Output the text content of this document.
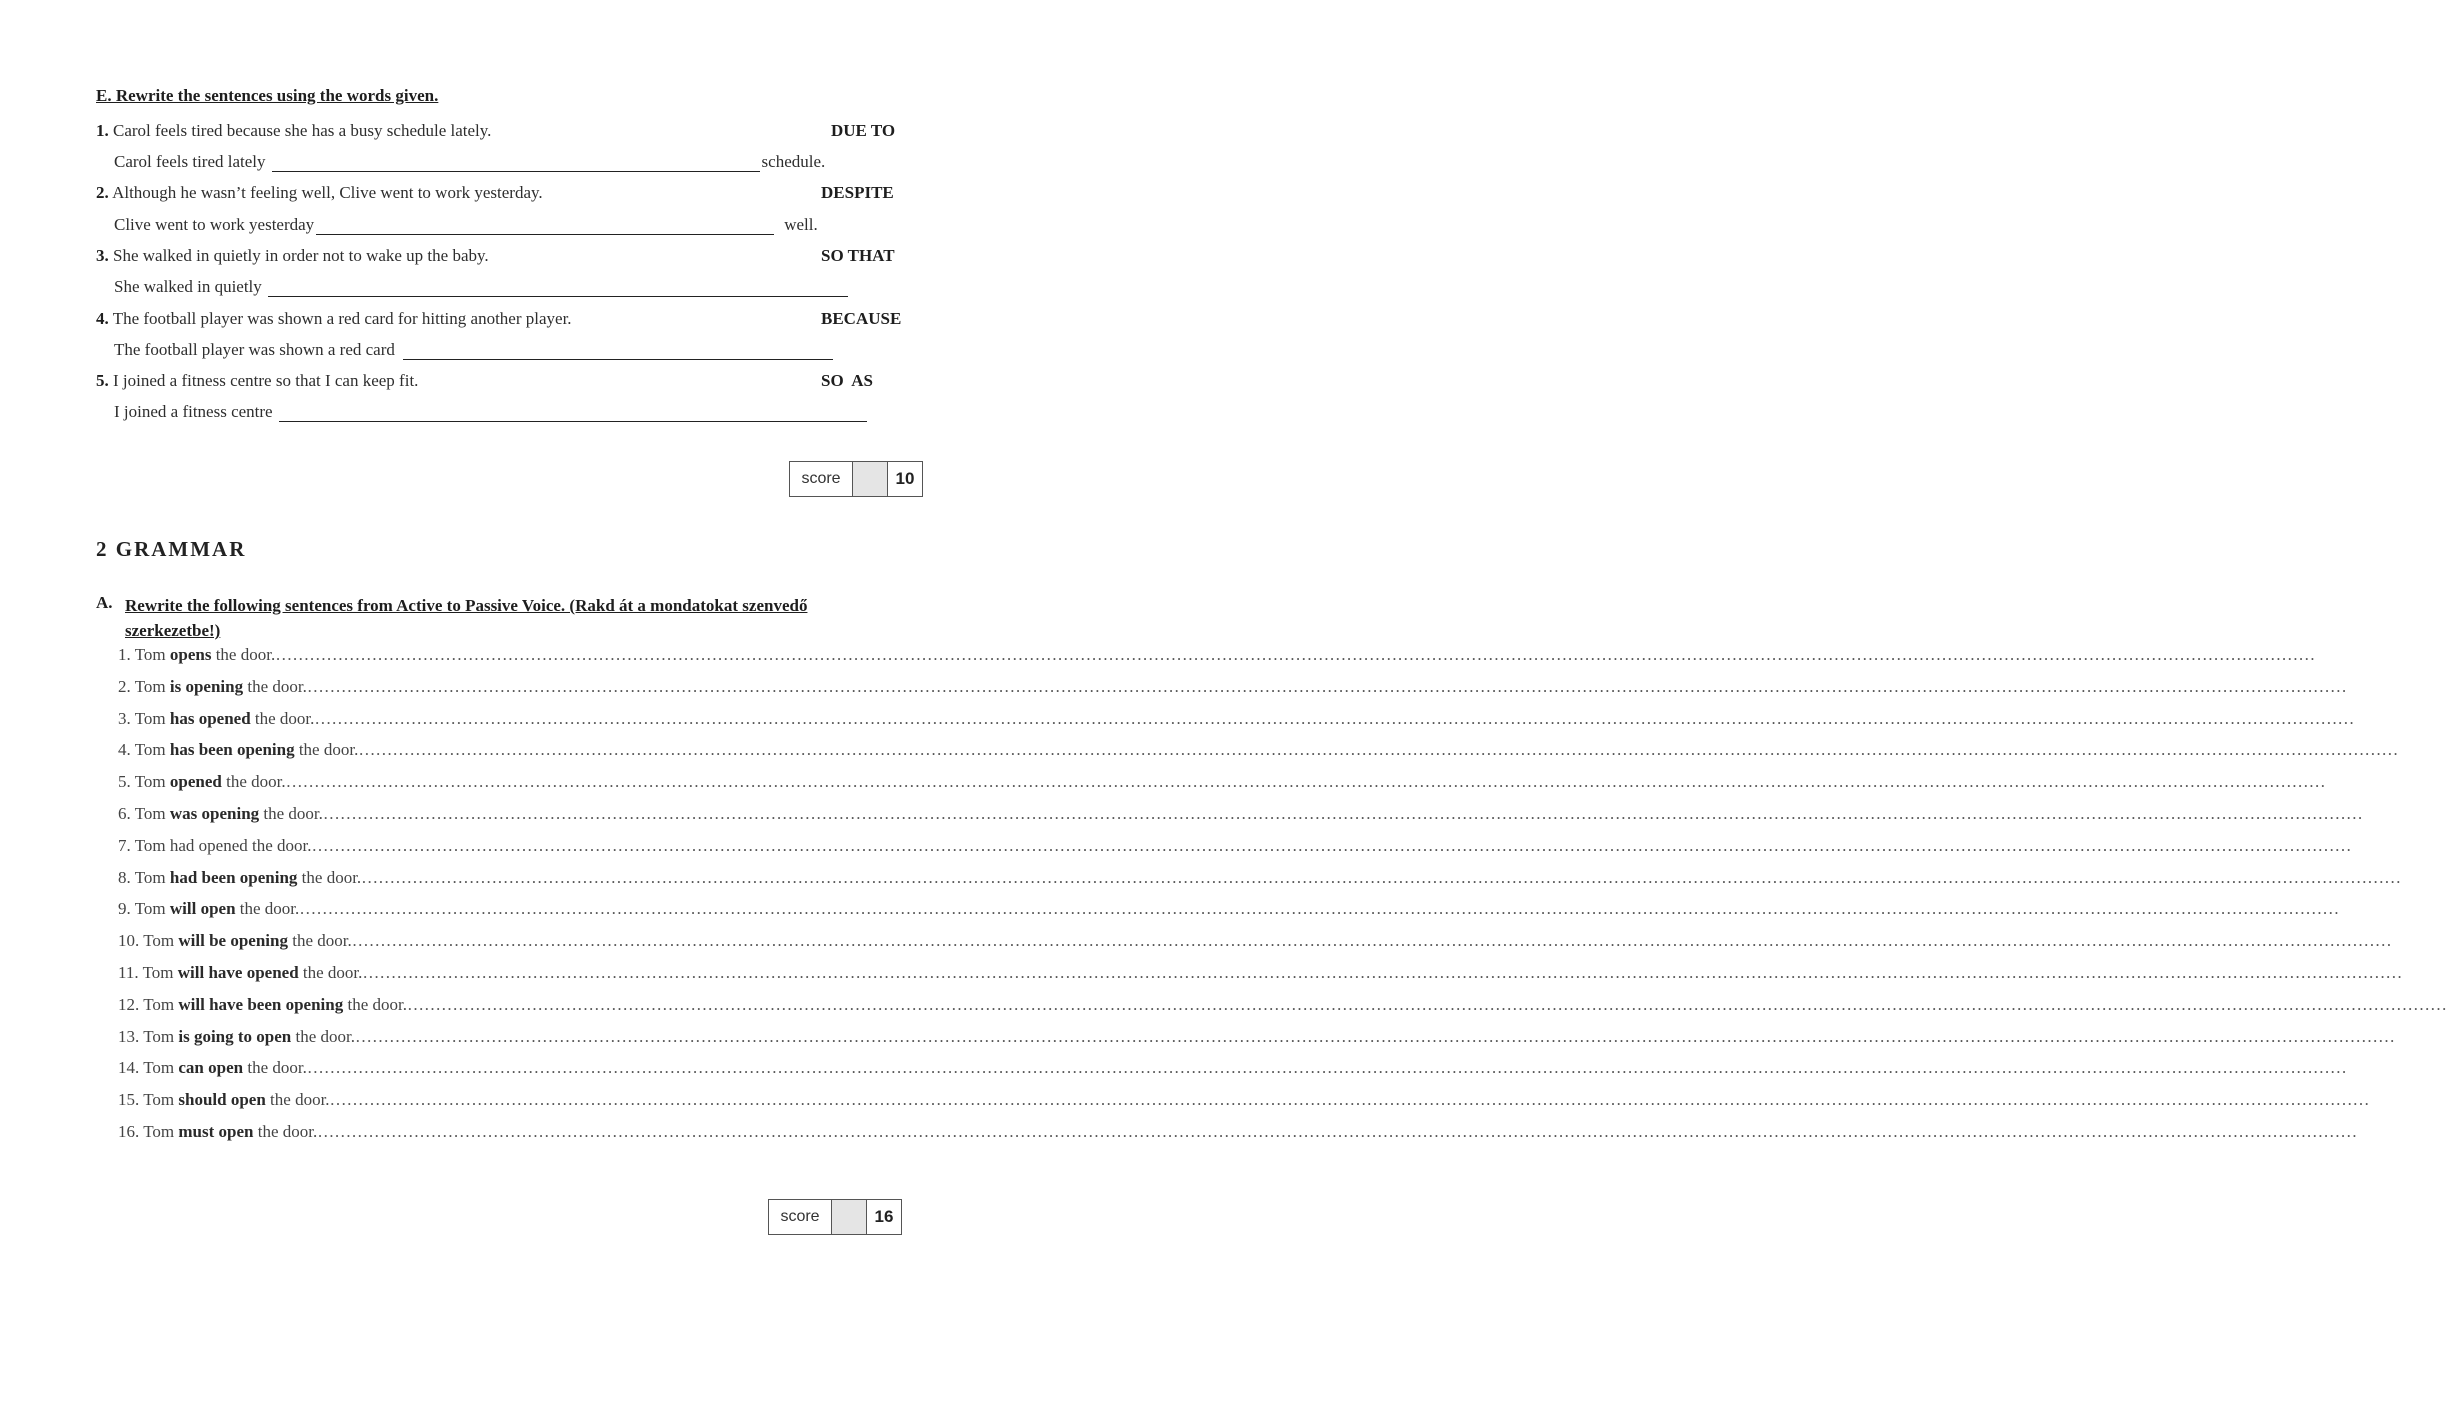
E. Rewrite the sentences using the words given.
1. Carol feels tired because she has a busy schedule lately.	DUE TO
Carol feels tired lately	schedule.
2. Although he wasn’t feeling well, Clive went to work yesterday.	DESPITE
Clive went to work yesterday	well.
3. She walked in quietly in order not to wake up the baby.	SO THAT
She walked in quietly
4. The football player was shown a red card for hitting another player.	BECAUSE
The football player was shown a red card
5. I joined a fitness centre so that I can keep fit.	SO  AS
I joined a fitness centre
score	10
2 GRAMMAR
A. Rewrite the following sentences from Active to Passive Voice. (Rakd át a mondatokat szenvedő szerkezetbe!)
1. Tom opens the door. ………………………………………………………………………………………………………………………………………………………………………………………………………………………………………………………………………………………………………………………………
2. Tom is opening the door. ………………………………………………………………………………………………………………………………………………………………………………………………………………………………………………………………………………………………………………………………
3. Tom has opened the door. ………………………………………………………………………………………………………………………………………………………………………………………………………………………………………………………………………………………………………………………………
4. Tom has been opening the door. ………………………………………………………………………………………………………………………………………………………………………………………………………………………………………………………………………………………………………………………………
5. Tom opened the door. ………………………………………………………………………………………………………………………………………………………………………………………………………………………………………………………………………………………………………………………………
6. Tom was opening the door. ………………………………………………………………………………………………………………………………………………………………………………………………………………………………………………………………………………………………………………………………
7. Tom had opened the door. ………………………………………………………………………………………………………………………………………………………………………………………………………………………………………………………………………………………………………………………………
8. Tom had been opening the door. ………………………………………………………………………………………………………………………………………………………………………………………………………………………………………………………………………………………………………………………………
9. Tom will open the door. ………………………………………………………………………………………………………………………………………………………………………………………………………………………………………………………………………………………………………………………………
10. Tom will be opening the door. ………………………………………………………………………………………………………………………………………………………………………………………………………………………………………………………………………………………………………………………………
11. Tom will have opened the door. ………………………………………………………………………………………………………………………………………………………………………………………………………………………………………………………………………………………………………………………………
12. Tom will have been opening the door. ………………………………………………………………………………………………………………………………………………………………………………………………………………………………………………………………………………………………………………………………
13. Tom is going to open the door. ………………………………………………………………………………………………………………………………………………………………………………………………………………………………………………………………………………………………………………………………
14. Tom can open the door. ………………………………………………………………………………………………………………………………………………………………………………………………………………………………………………………………………………………………………………………………
15. Tom should open the door. ………………………………………………………………………………………………………………………………………………………………………………………………………………………………………………………………………………………………………………………………
16. Tom must open the door. ………………………………………………………………………………………………………………………………………………………………………………………………………………………………………………………………………………………………………………………………
score	16
